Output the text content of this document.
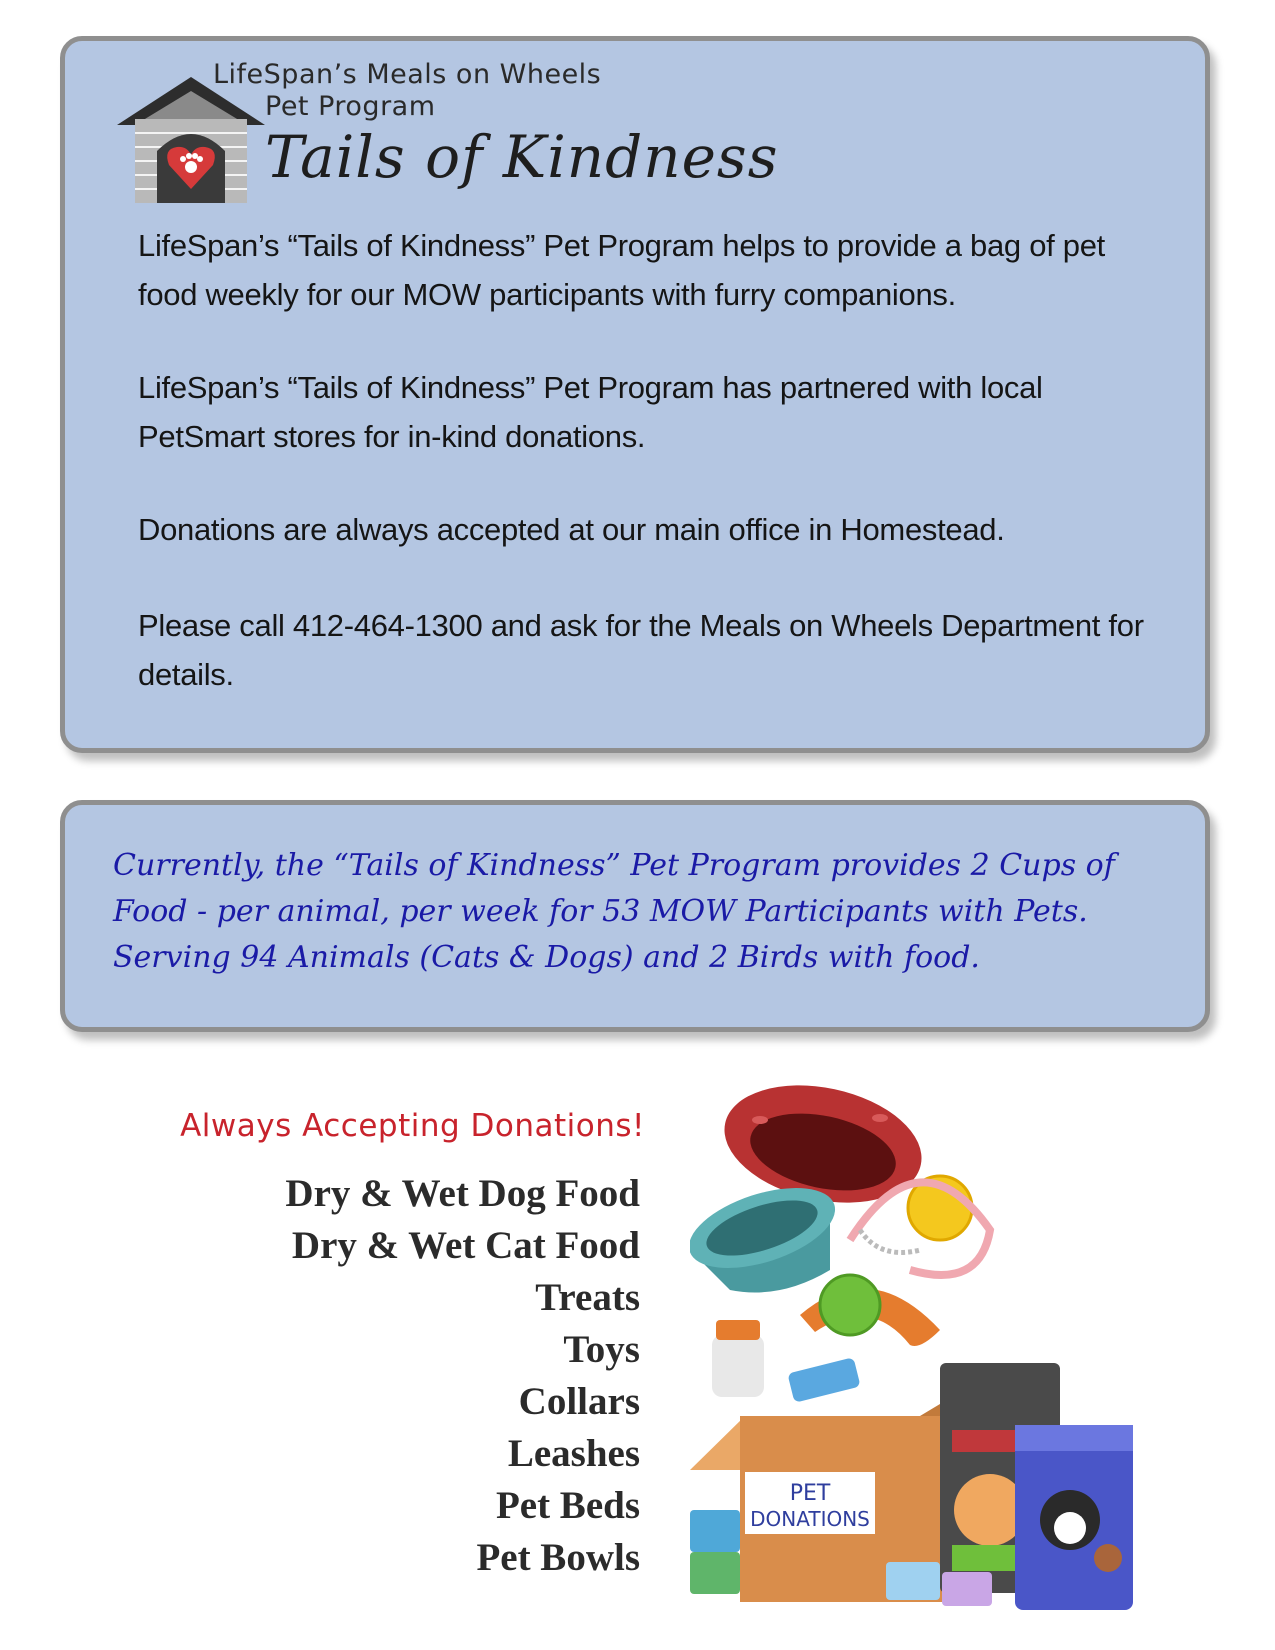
LifeSpan’s Meals on Wheels
Pet Program
Tails of Kindness

LifeSpan’s “Tails of Kindness” Pet Program helps to provide a bag of pet food weekly for our MOW participants with furry companions.

LifeSpan’s “Tails of Kindness” Pet Program has partnered with local PetSmart stores for in-kind donations.

Donations are always accepted at our main office in Homestead.

Please call 412-464-1300 and ask for the Meals on Wheels Department for details.

Currently, the “Tails of Kindness” Pet Program provides 2 Cups of Food - per animal, per week for 53 MOW Participants with Pets. Serving 94 Animals (Cats & Dogs) and 2 Birds with food.

Always Accepting Donations!
Dry & Wet Dog Food
Dry & Wet Cat Food
Treats
Toys
Collars
Leashes
Pet Beds
Pet Bowls
PET
DONATIONS
